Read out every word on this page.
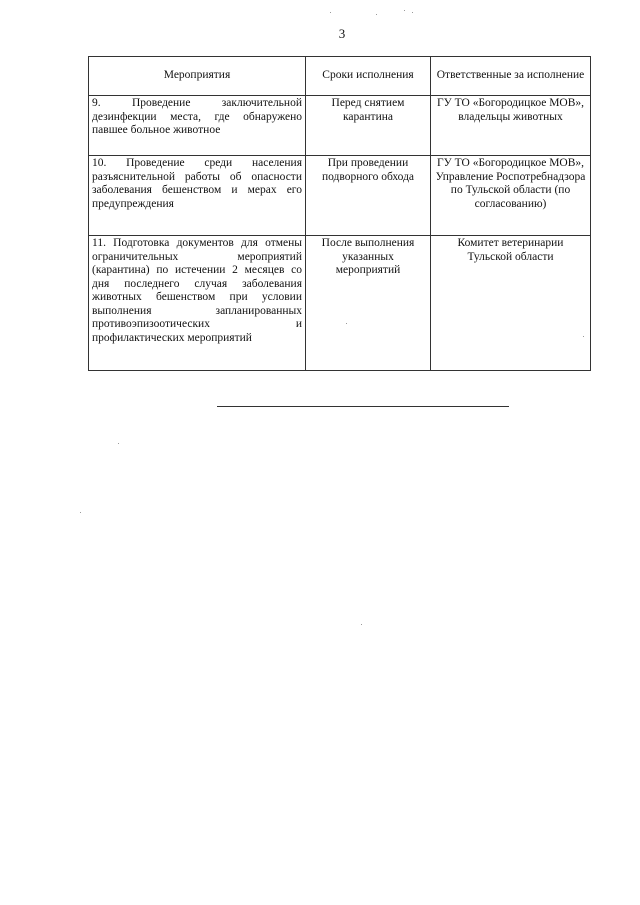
3
Мероприятия	Сроки исполнения	Ответственные за исполнение
9. Проведение заключительной дезинфекции места, где обнаружено павшее больное животное	Перед снятием карантина	ГУ ТО «Богородицкое МОВ», владельцы животных
10. Проведение среди населения разъяснительной работы об опасности заболевания бешенством и мерах его предупреждения	При проведении подворного обхода	ГУ ТО «Богородицкое МОВ», Управление Роспотребнадзора по Тульской области (по согласованию)
11. Подготовка документов для отмены ограничительных мероприятий (карантина) по истечении 2 месяцев со дня последнего случая заболевания животных бешенством при условии выполнения запланированных противоэпизоотических и профилактических мероприятий	После выполнения указанных мероприятий	Комитет ветеринарии Тульской области
